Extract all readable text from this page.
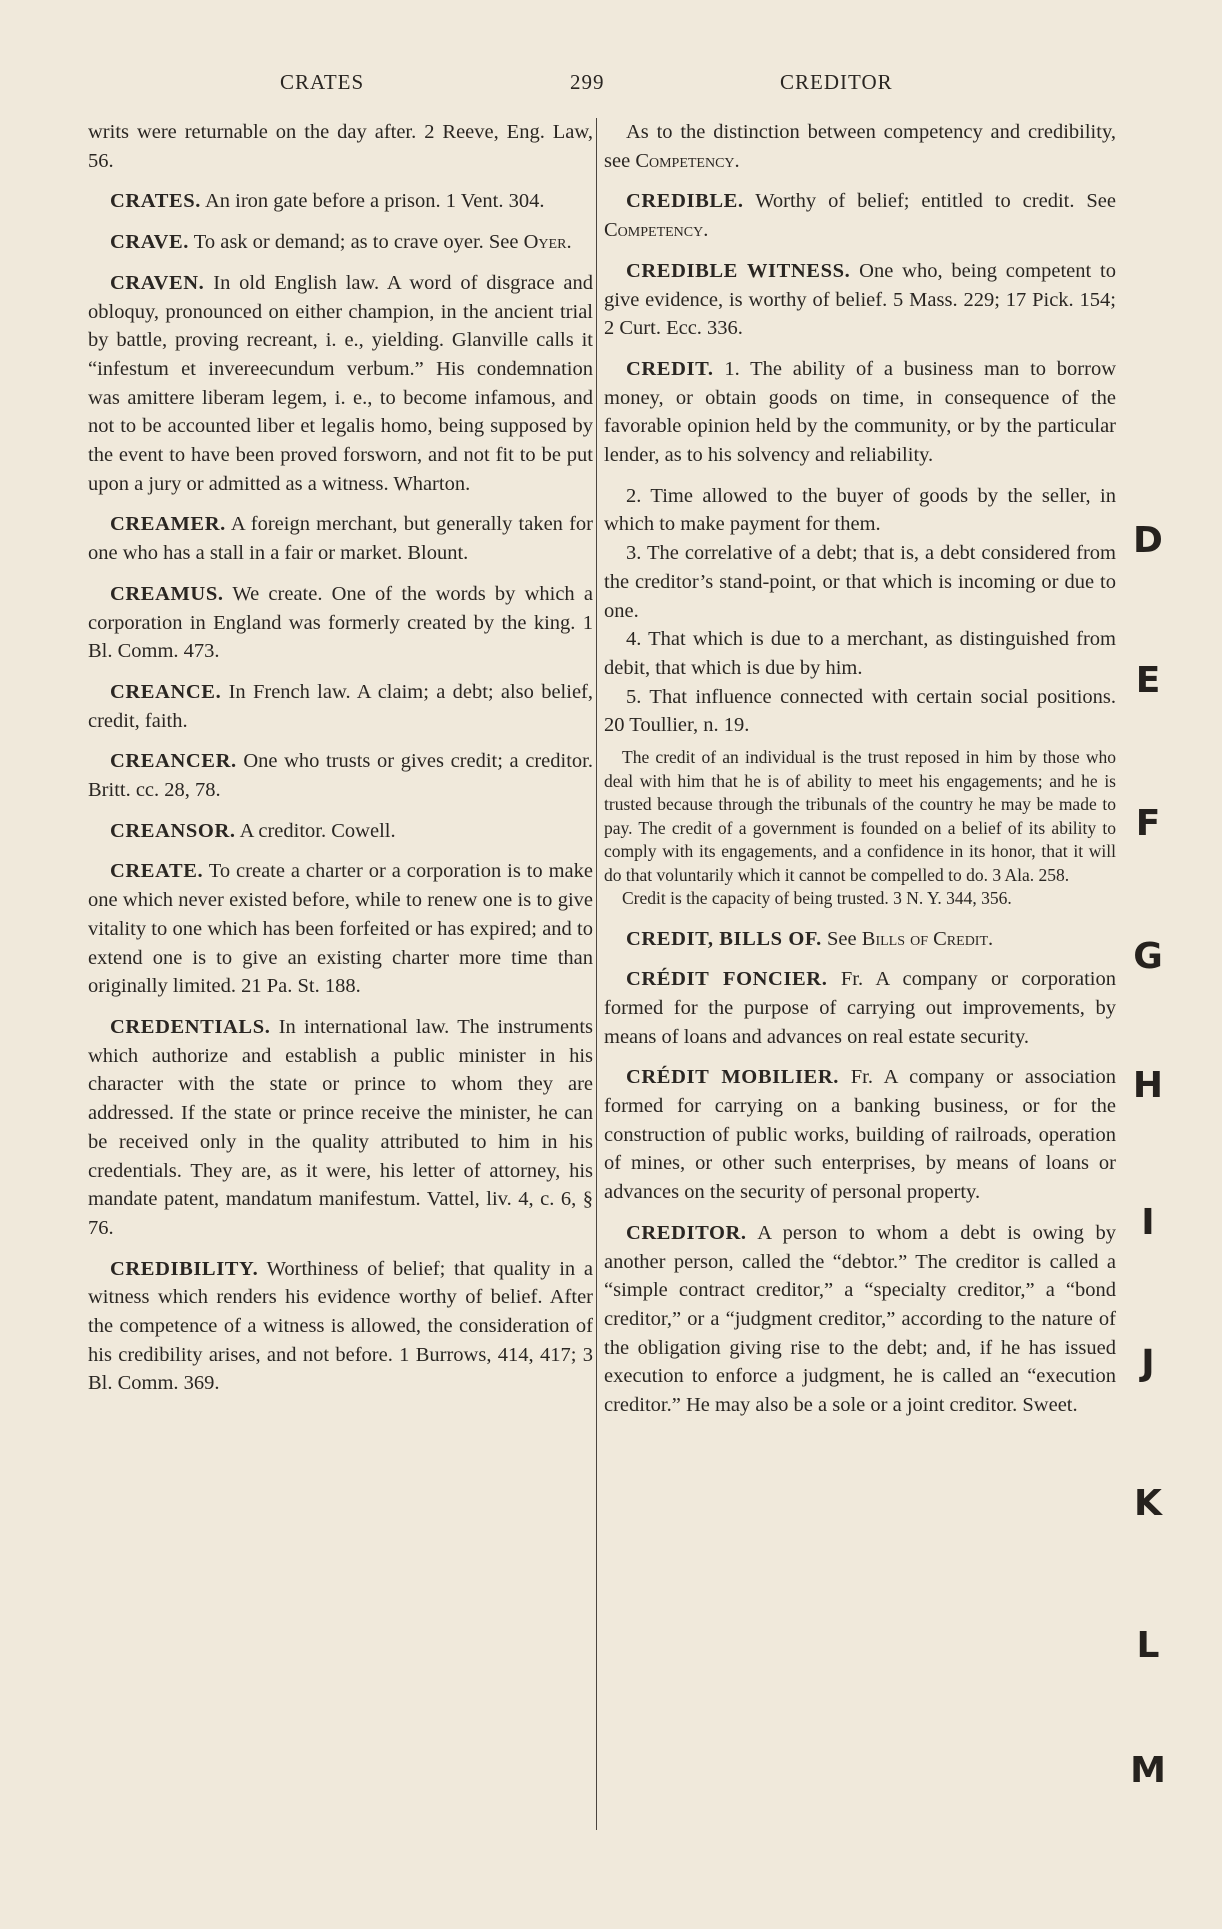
CRATES	299	CREDITOR

writs were returnable on the day after. 2 Reeve, Eng. Law, 56.

CRATES. An iron gate before a prison. 1 Vent. 304.

CRAVE. To ask or demand; as to crave oyer. See Oyer.

CRAVEN. In old English law. A word of disgrace and obloquy, pronounced on either champion, in the ancient trial by battle, proving recreant, i. e., yielding. Glanville calls it “infestum et invereecundum verbum.” His condemnation was amittere liberam legem, i. e., to become infamous, and not to be accounted liber et legalis homo, being supposed by the event to have been proved forsworn, and not fit to be put upon a jury or admitted as a witness. Wharton.

CREAMER. A foreign merchant, but generally taken for one who has a stall in a fair or market. Blount.

CREAMUS. We create. One of the words by which a corporation in England was formerly created by the king. 1 Bl. Comm. 473.

CREANCE. In French law. A claim; a debt; also belief, credit, faith.

CREANCER. One who trusts or gives credit; a creditor. Britt. cc. 28, 78.

CREANSOR. A creditor. Cowell.

CREATE. To create a charter or a corporation is to make one which never existed before, while to renew one is to give vitality to one which has been forfeited or has expired; and to extend one is to give an existing charter more time than originally limited. 21 Pa. St. 188.

CREDENTIALS. In international law. The instruments which authorize and establish a public minister in his character with the state or prince to whom they are addressed. If the state or prince receive the minister, he can be received only in the quality attributed to him in his credentials. They are, as it were, his letter of attorney, his mandate patent, mandatum manifestum. Vattel, liv. 4, c. 6, § 76.

CREDIBILITY. Worthiness of belief; that quality in a witness which renders his evidence worthy of belief. After the competence of a witness is allowed, the consideration of his credibility arises, and not before. 1 Burrows, 414, 417; 3 Bl. Comm. 369.

As to the distinction between competency and credibility, see Competency.

CREDIBLE. Worthy of belief; entitled to credit. See Competency.

CREDIBLE WITNESS. One who, being competent to give evidence, is worthy of belief. 5 Mass. 229; 17 Pick. 154; 2 Curt. Ecc. 336.

CREDIT. 1. The ability of a business man to borrow money, or obtain goods on time, in consequence of the favorable opinion held by the community, or by the particular lender, as to his solvency and reliability.

2. Time allowed to the buyer of goods by the seller, in which to make payment for them.

3. The correlative of a debt; that is, a debt considered from the creditor’s stand-point, or that which is incoming or due to one.

4. That which is due to a merchant, as distinguished from debit, that which is due by him.

5. That influence connected with certain social positions. 20 Toullier, n. 19.

The credit of an individual is the trust reposed in him by those who deal with him that he is of ability to meet his engagements; and he is trusted because through the tribunals of the country he may be made to pay. The credit of a government is founded on a belief of its ability to comply with its engagements, and a confidence in its honor, that it will do that voluntarily which it cannot be compelled to do. 3 Ala. 258.

Credit is the capacity of being trusted. 3 N. Y. 344, 356.

CREDIT, BILLS OF. See Bills of Credit.

CRÉDIT FONCIER. Fr. A company or corporation formed for the purpose of carrying out improvements, by means of loans and advances on real estate security.

CRÉDIT MOBILIER. Fr. A company or association formed for carrying on a banking business, or for the construction of public works, building of railroads, operation of mines, or other such enterprises, by means of loans or advances on the security of personal property.

CREDITOR. A person to whom a debt is owing by another person, called the “debtor.” The creditor is called a “simple contract creditor,” a “specialty creditor,” a “bond creditor,” or a “judgment creditor,” according to the nature of the obligation giving rise to the debt; and, if he has issued execution to enforce a judgment, he is called an “execution creditor.” He may also be a sole or a joint creditor. Sweet.

D
E
F
G
H
I
J
K
L
M
